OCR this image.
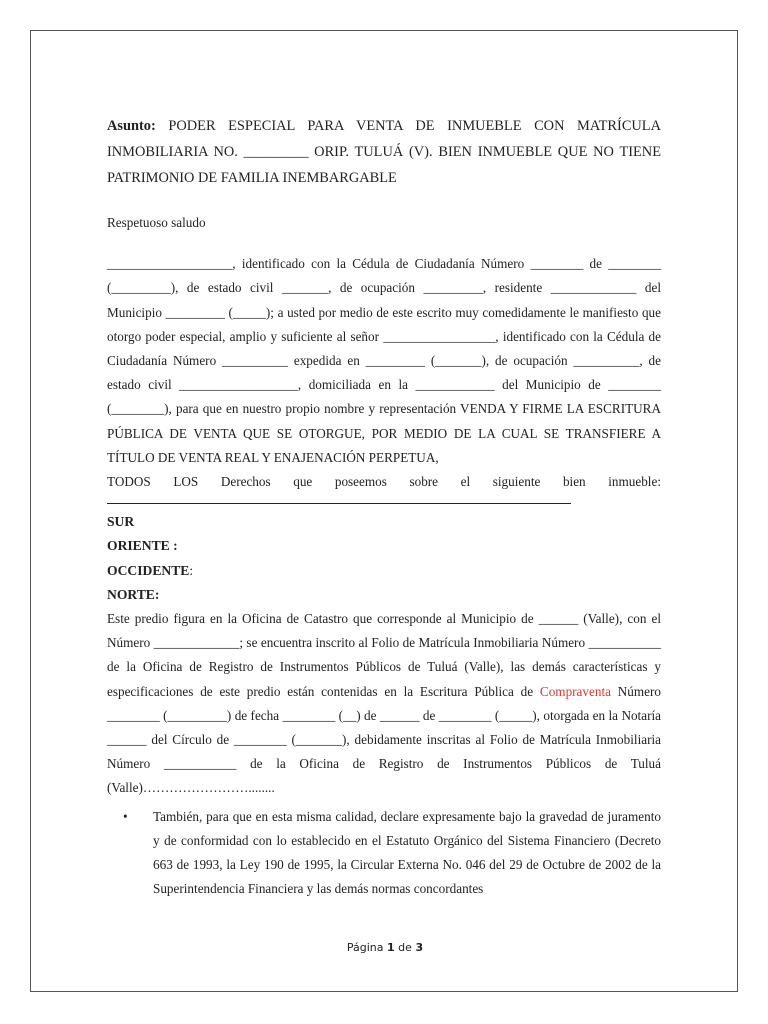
Asunto: PODER ESPECIAL PARA VENTA DE INMUEBLE CON MATRÍCULA INMOBILIARIA NO. _________ ORIP. TULUÁ (V). BIEN INMUEBLE QUE NO TIENE PATRIMONIO DE FAMILIA INEMBARGABLE

Respetuoso saludo

___________________, identificado con la Cédula de Ciudadanía Número ________ de ________ (_________), de estado civil _______, de ocupación _________, residente _____________ del Municipio _________ (_____); a usted por medio de este escrito muy comedidamente le manifiesto que otorgo poder especial, amplio y suficiente al señor _________________, identificado con la Cédula de Ciudadanía Número __________ expedida en _________ (_______), de ocupación __________, de estado civil __________________, domiciliada en la ____________ del Municipio de ________ (________), para que en nuestro propio nombre y representación VENDA Y FIRME LA ESCRITURA PÚBLICA DE VENTA QUE SE OTORGUE, POR MEDIO DE LA CUAL SE TRANSFIERE A TÍTULO DE VENTA REAL Y ENAJENACIÓN PERPETUA,

TODOS LOS Derechos que poseemos sobre el siguiente bien inmueble:

SUR

ORIENTE :

OCCIDENTE:

NORTE:

Este predio figura en la Oficina de Catastro que corresponde al Municipio de ______ (Valle), con el Número _____________; se encuentra inscrito al Folio de Matrícula Inmobiliaria Número ___________ de la Oficina de Registro de Instrumentos Públicos de Tuluá (Valle), las demás características y especificaciones de este predio están contenidas en la Escritura Pública de Compraventa Número ________ (_________) de fecha ________ (__) de ______ de ________ (_____), otorgada en la Notaría ______ del Círculo de ________ (_______), debidamente inscritas al Folio de Matrícula Inmobiliaria Número ___________ de la Oficina de Registro de Instrumentos Públicos de Tuluá (Valle)……………………........

• También, para que en esta misma calidad, declare expresamente bajo la gravedad de juramento y de conformidad con lo establecido en el Estatuto Orgánico del Sistema Financiero (Decreto 663 de 1993, la Ley 190 de 1995, la Circular Externa No. 046 del 29 de Octubre de 2002 de la Superintendencia Financiera y las demás normas concordantes
Página 1 de 3
